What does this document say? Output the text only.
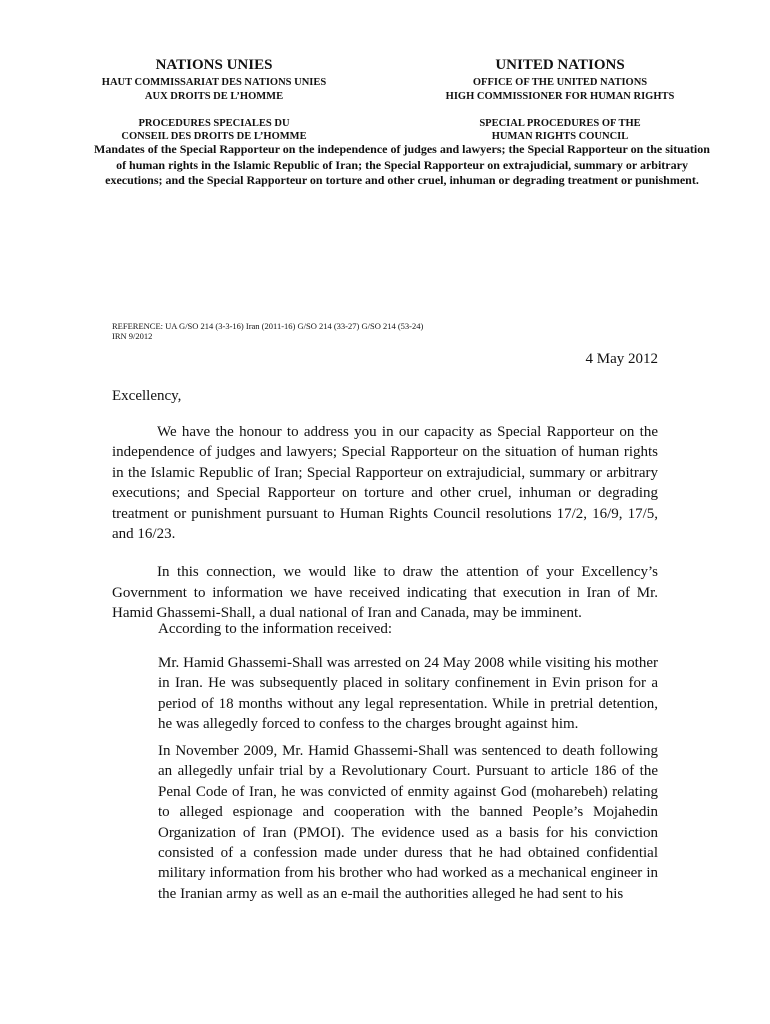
NATIONS UNIES
HAUT COMMISSARIAT DES NATIONS UNIES
AUX DROITS DE L’HOMME
PROCEDURES SPECIALES DU
CONSEIL DES DROITS DE L’HOMME
UNITED NATIONS
OFFICE OF THE UNITED NATIONS
HIGH COMMISSIONER FOR HUMAN RIGHTS
SPECIAL PROCEDURES OF THE
HUMAN RIGHTS COUNCIL
Mandates of the Special Rapporteur on the independence of judges and lawyers; the Special Rapporteur on the situation of human rights in the Islamic Republic of Iran; the Special Rapporteur on extrajudicial, summary or arbitrary executions; and the Special Rapporteur on torture and other cruel, inhuman or degrading treatment or punishment.
REFERENCE: UA G/SO 214 (3-3-16) Iran (2011-16) G/SO 214 (33-27) G/SO 214 (53-24)
IRN 9/2012
4 May 2012
Excellency,

We have the honour to address you in our capacity as Special Rapporteur on the independence of judges and lawyers; Special Rapporteur on the situation of human rights in the Islamic Republic of Iran; Special Rapporteur on extrajudicial, summary or arbitrary executions; and Special Rapporteur on torture and other cruel, inhuman or degrading treatment or punishment pursuant to Human Rights Council resolutions 17/2, 16/9, 17/5, and 16/23.

In this connection, we would like to draw the attention of your Excellency’s Government to information we have received indicating that execution in Iran of Mr. Hamid Ghassemi-Shall, a dual national of Iran and Canada, may be imminent.

According to the information received:

Mr. Hamid Ghassemi-Shall was arrested on 24 May 2008 while visiting his mother in Iran. He was subsequently placed in solitary confinement in Evin prison for a period of 18 months without any legal representation. While in pretrial detention, he was allegedly forced to confess to the charges brought against him.

In November 2009, Mr. Hamid Ghassemi-Shall was sentenced to death following an allegedly unfair trial by a Revolutionary Court. Pursuant to article 186 of the Penal Code of Iran, he was convicted of enmity against God (moharebeh) relating to alleged espionage and cooperation with the banned People’s Mojahedin Organization of Iran (PMOI). The evidence used as a basis for his conviction consisted of a confession made under duress that he had obtained confidential military information from his brother who had worked as a mechanical engineer in the Iranian army as well as an e-mail the authorities alleged he had sent to his
